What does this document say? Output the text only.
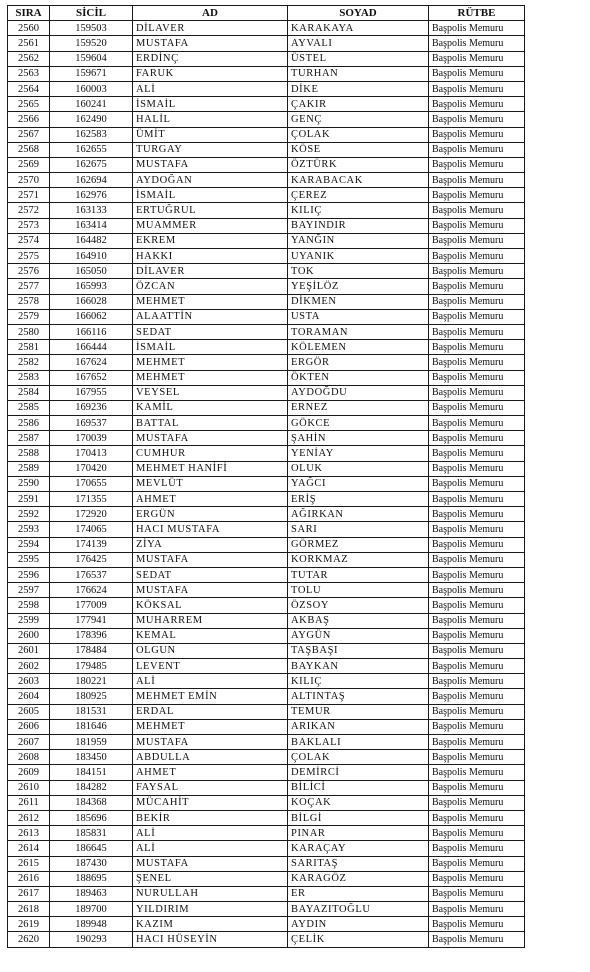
SIRA	SİCİL	AD	SOYAD	RÜTBE
2560	159503	DİLAVER	KARAKAYA	Başpolis Memuru
2561	159520	MUSTAFA	AYVALI	Başpolis Memuru
2562	159604	ERDİNÇ	ÜSTEL	Başpolis Memuru
2563	159671	FARUK	TURHAN	Başpolis Memuru
2564	160003	ALİ	DİKE	Başpolis Memuru
2565	160241	İSMAİL	ÇAKIR	Başpolis Memuru
2566	162490	HALİL	GENÇ	Başpolis Memuru
2567	162583	ÜMİT	ÇOLAK	Başpolis Memuru
2568	162655	TURGAY	KÖSE	Başpolis Memuru
2569	162675	MUSTAFA	ÖZTÜRK	Başpolis Memuru
2570	162694	AYDOĞAN	KARABACAK	Başpolis Memuru
2571	162976	İSMAİL	ÇEREZ	Başpolis Memuru
2572	163133	ERTUĞRUL	KILIÇ	Başpolis Memuru
2573	163414	MUAMMER	BAYINDIR	Başpolis Memuru
2574	164482	EKREM	YANĞIN	Başpolis Memuru
2575	164910	HAKKI	UYANIK	Başpolis Memuru
2576	165050	DİLAVER	TOK	Başpolis Memuru
2577	165993	ÖZCAN	YEŞİLÖZ	Başpolis Memuru
2578	166028	MEHMET	DİKMEN	Başpolis Memuru
2579	166062	ALAATTİN	USTA	Başpolis Memuru
2580	166116	SEDAT	TORAMAN	Başpolis Memuru
2581	166444	İSMAİL	KÖLEMEN	Başpolis Memuru
2582	167624	MEHMET	ERGÖR	Başpolis Memuru
2583	167652	MEHMET	ÖKTEN	Başpolis Memuru
2584	167955	VEYSEL	AYDOĞDU	Başpolis Memuru
2585	169236	KAMİL	ERNEZ	Başpolis Memuru
2586	169537	BATTAL	GÖKCE	Başpolis Memuru
2587	170039	MUSTAFA	ŞAHİN	Başpolis Memuru
2588	170413	CUMHUR	YENİAY	Başpolis Memuru
2589	170420	MEHMET HANİFİ	OLUK	Başpolis Memuru
2590	170655	MEVLÜT	YAĞCI	Başpolis Memuru
2591	171355	AHMET	ERİŞ	Başpolis Memuru
2592	172920	ERGÜN	AĞIRKAN	Başpolis Memuru
2593	174065	HACI MUSTAFA	SARI	Başpolis Memuru
2594	174139	ZİYA	GÖRMEZ	Başpolis Memuru
2595	176425	MUSTAFA	KORKMAZ	Başpolis Memuru
2596	176537	SEDAT	TUTAR	Başpolis Memuru
2597	176624	MUSTAFA	TOLU	Başpolis Memuru
2598	177009	KÖKSAL	ÖZSOY	Başpolis Memuru
2599	177941	MUHARREM	AKBAŞ	Başpolis Memuru
2600	178396	KEMAL	AYGÜN	Başpolis Memuru
2601	178484	OLGUN	TAŞBAŞI	Başpolis Memuru
2602	179485	LEVENT	BAYKAN	Başpolis Memuru
2603	180221	ALİ	KILIÇ	Başpolis Memuru
2604	180925	MEHMET EMİN	ALTINTAŞ	Başpolis Memuru
2605	181531	ERDAL	TEMUR	Başpolis Memuru
2606	181646	MEHMET	ARIKAN	Başpolis Memuru
2607	181959	MUSTAFA	BAKLALI	Başpolis Memuru
2608	183450	ABDULLA	ÇOLAK	Başpolis Memuru
2609	184151	AHMET	DEMİRCİ	Başpolis Memuru
2610	184282	FAYSAL	BİLİCİ	Başpolis Memuru
2611	184368	MÜCAHİT	KOÇAK	Başpolis Memuru
2612	185696	BEKİR	BİLGİ	Başpolis Memuru
2613	185831	ALİ	PINAR	Başpolis Memuru
2614	186645	ALİ	KARAÇAY	Başpolis Memuru
2615	187430	MUSTAFA	SARITAŞ	Başpolis Memuru
2616	188695	ŞENEL	KARAGÖZ	Başpolis Memuru
2617	189463	NURULLAH	ER	Başpolis Memuru
2618	189700	YILDIRIM	BAYAZITOĞLU	Başpolis Memuru
2619	189948	KAZIM	AYDIN	Başpolis Memuru
2620	190293	HACI HÜSEYİN	ÇELİK	Başpolis Memuru
